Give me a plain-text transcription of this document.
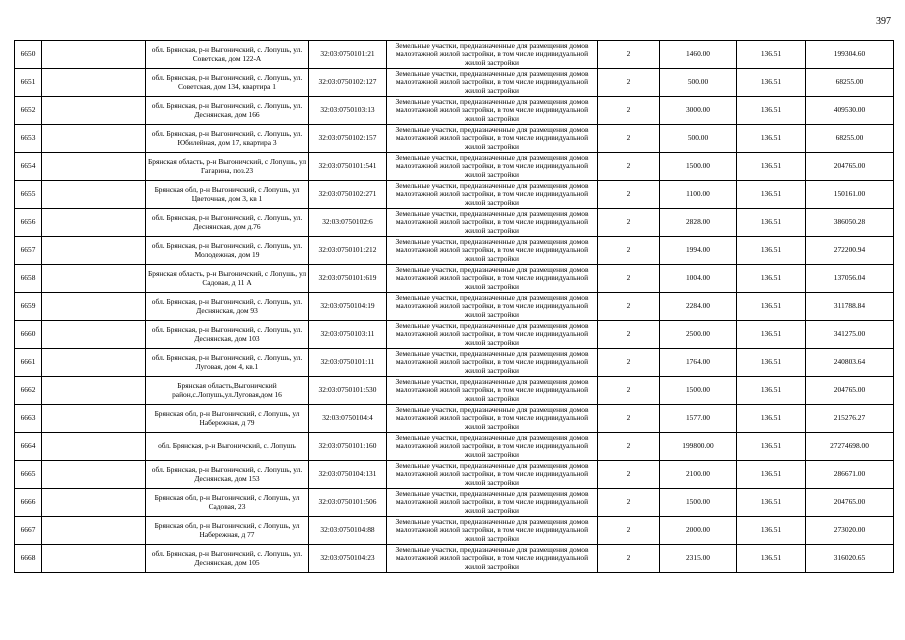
397
6650		обл. Брянская, р-н Выгоничский, с. Лопушь, ул. Советская, дом 122-А	32:03:0750101:21	Земельные участки, предназначенные для размещения домов малоэтажной жилой застройки, в том числе индивидуальной жилой застройки	2	1460.00	136.51	199304.60
6651		обл. Брянская, р-н Выгоничский, с. Лопушь, ул. Советская, дом 134, квартира 1	32:03:0750102:127	Земельные участки, предназначенные для размещения домов малоэтажной жилой застройки, в том числе индивидуальной жилой застройки	2	500.00	136.51	68255.00
6652		обл. Брянская, р-н Выгоничский, с. Лопушь, ул. Деснянская, дом 166	32:03:0750103:13	Земельные участки, предназначенные для размещения домов малоэтажной жилой застройки, в том числе индивидуальной жилой застройки	2	3000.00	136.51	409530.00
6653		обл. Брянская, р-н Выгоничский, с. Лопушь, ул. Юбилейная, дом 17, квартира 3	32:03:0750102:157	Земельные участки, предназначенные для размещения домов малоэтажной жилой застройки, в том числе индивидуальной жилой застройки	2	500.00	136.51	68255.00
6654		Брянская область, р-н Выгоничский, с Лопушь, ул Гагарина, поз.23	32:03:0750101:541	Земельные участки, предназначенные для размещения домов малоэтажной жилой застройки, в том числе индивидуальной жилой застройки	2	1500.00	136.51	204765.00
6655		Брянская обл, р-н Выгоничский, с Лопушь, ул Цветочная, дом 3, кв 1	32:03:0750102:271	Земельные участки, предназначенные для размещения домов малоэтажной жилой застройки, в том числе индивидуальной жилой застройки	2	1100.00	136.51	150161.00
6656		обл. Брянская, р-н Выгоничский, с. Лопушь, ул. Деснянская, дом д.76	32:03:0750102:6	Земельные участки, предназначенные для размещения домов малоэтажной жилой застройки, в том числе индивидуальной жилой застройки	2	2828.00	136.51	386050.28
6657		обл. Брянская, р-н Выгоничский, с. Лопушь, ул. Молодежная, дом 19	32:03:0750101:212	Земельные участки, предназначенные для размещения домов малоэтажной жилой застройки, в том числе индивидуальной жилой застройки	2	1994.00	136.51	272200.94
6658		Брянская область, р-н Выгоничский, с Лопушь, ул Садовая, д 11 А	32:03:0750101:619	Земельные участки, предназначенные для размещения домов малоэтажной жилой застройки, в том числе индивидуальной жилой застройки	2	1004.00	136.51	137056.04
6659		обл. Брянская, р-н Выгоничский, с. Лопушь, ул. Деснянская, дом 93	32:03:0750104:19	Земельные участки, предназначенные для размещения домов малоэтажной жилой застройки, в том числе индивидуальной жилой застройки	2	2284.00	136.51	311788.84
6660		обл. Брянская, р-н Выгоничский, с. Лопушь, ул. Деснянская, дом 103	32:03:0750103:11	Земельные участки, предназначенные для размещения домов малоэтажной жилой застройки, в том числе индивидуальной жилой застройки	2	2500.00	136.51	341275.00
6661		обл. Брянская, р-н Выгоничский, с. Лопушь, ул. Луговая, дом 4, кв.1	32:03:0750101:11	Земельные участки, предназначенные для размещения домов малоэтажной жилой застройки, в том числе индивидуальной жилой застройки	2	1764.00	136.51	240803.64
6662		Брянская область,Выгоничский район,с.Лопушь,ул.Луговая,дом 16	32:03:0750101:530	Земельные участки, предназначенные для размещения домов малоэтажной жилой застройки, в том числе индивидуальной жилой застройки	2	1500.00	136.51	204765.00
6663		Брянская обл, р-н Выгоничский, с Лопушь, ул Набережная, д 79	32:03:0750104:4	Земельные участки, предназначенные для размещения домов малоэтажной жилой застройки, в том числе индивидуальной жилой застройки	2	1577.00	136.51	215276.27
6664		обл. Брянская, р-н Выгоничский, с. Лопушь	32:03:0750101:160	Земельные участки, предназначенные для размещения домов малоэтажной жилой застройки, в том числе индивидуальной жилой застройки	2	199800.00	136.51	27274698.00
6665		обл. Брянская, р-н Выгоничский, с. Лопушь, ул. Деснянская, дом 153	32:03:0750104:131	Земельные участки, предназначенные для размещения домов малоэтажной жилой застройки, в том числе индивидуальной жилой застройки	2	2100.00	136.51	286671.00
6666		Брянская обл, р-н Выгоничский, с Лопушь, ул Садовая, 23	32:03:0750101:506	Земельные участки, предназначенные для размещения домов малоэтажной жилой застройки, в том числе индивидуальной жилой застройки	2	1500.00	136.51	204765.00
6667		Брянская обл, р-н Выгоничский, с Лопушь, ул Набережная, д 77	32:03:0750104:88	Земельные участки, предназначенные для размещения домов малоэтажной жилой застройки, в том числе индивидуальной жилой застройки	2	2000.00	136.51	273020.00
6668		обл. Брянская, р-н Выгоничский, с. Лопушь, ул. Деснянская, дом 105	32:03:0750104:23	Земельные участки, предназначенные для размещения домов малоэтажной жилой застройки, в том числе индивидуальной жилой застройки	2	2315.00	136.51	316020.65
